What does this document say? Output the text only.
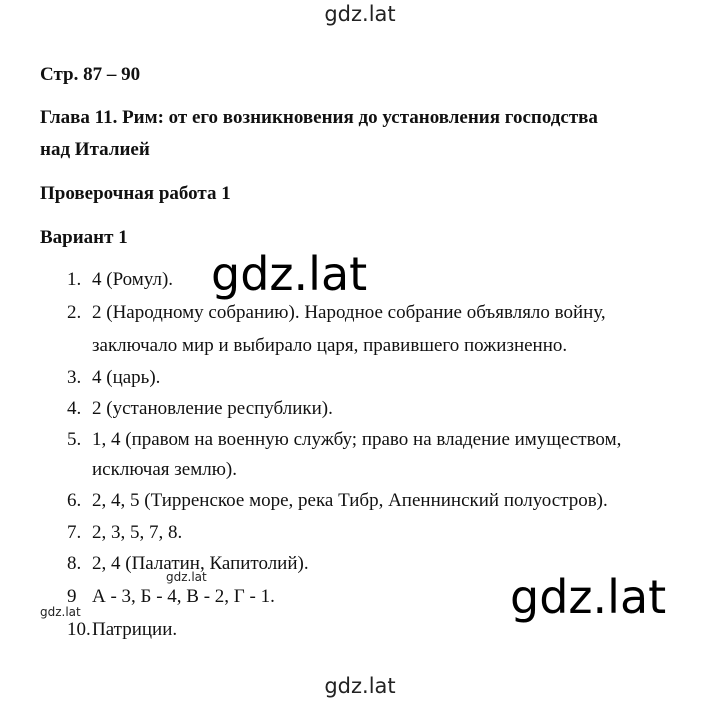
gdz.lat
Стр. 87 – 90
Глава 11. Рим: от его возникновения до установления господства
над Италией
Проверочная работа 1
Вариант 1
1. 4 (Ромул).
2. 2 (Народному собранию). Народное собрание объявляло войну,
заключало мир и выбирало царя, правившего пожизненно.
3. 4 (царь).
4. 2 (установление республики).
5. 1, 4 (правом на военную службу; право на владение имуществом,
исключая землю).
6. 2, 4, 5 (Тирренское море, река Тибр, Апеннинский полуостров).
7. 2, 3, 5, 7, 8.
8. 2, 4 (Палатин, Капитолий).
9 А - 3, Б - 4, В - 2, Г - 1.
10.Патриции.
gdz.lat
gdz.lat
gdz.lat
gdz.lat
gdz.lat
